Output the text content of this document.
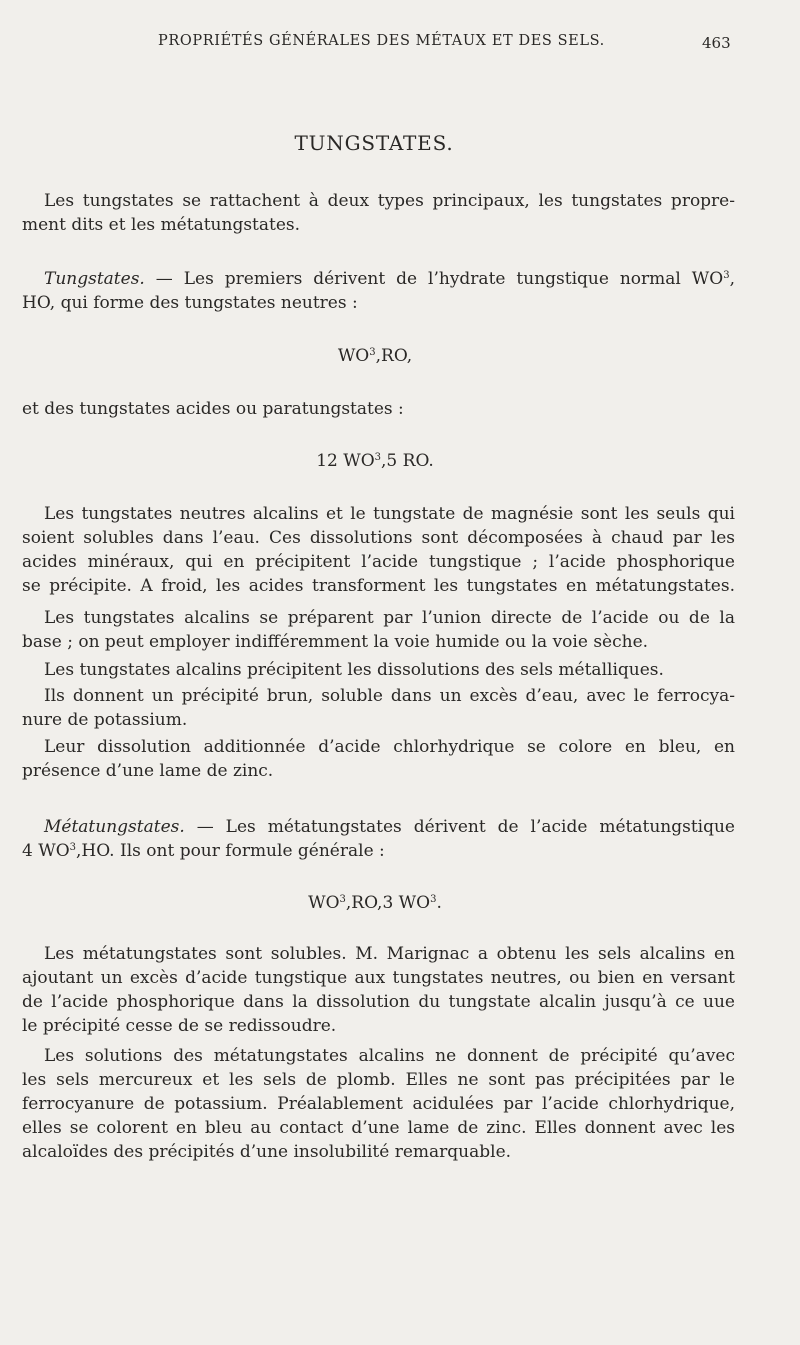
PROPRIÉTÉS GÉNÉRALES DES MÉTAUX ET DES SELS.	463
TUNGSTATES.
Les tungstates se rattachent à deux types principaux, les tungstates propre-
ment dits et les métatungstates.
Tungstates. — Les premiers dérivent de l’hydrate tungstique normal $WO^3$,
HO, qui forme des tungstates neutres :
$WO^3,RO$,
et des tungstates acides ou paratungstates :
12 $WO^3,5$ RO.
Les tungstates neutres alcalins et le tungstate de magnésie sont les seuls qui
soient solubles dans l’eau. Ces dissolutions sont décomposées à chaud par les
acides minéraux, qui en précipitent l’acide tungstique ; l’acide phosphorique
se précipite. A froid, les acides transforment les tungstates en métatungstates.
Les tungstates alcalins se préparent par l’union directe de l’acide ou de la
base ; on peut employer indifféremment la voie humide ou la voie sèche.
Les tungstates alcalins précipitent les dissolutions des sels métalliques.
Ils donnent un précipité brun, soluble dans un excès d’eau, avec le ferrocya-
nure de potassium.
Leur dissolution additionnée d’acide chlorhydrique se colore en bleu, en
présence d’une lame de zinc.
Métatungstates. — Les métatungstates dérivent de l’acide métatungstique
4 $WO^3,HO$. Ils ont pour formule générale :
$WO^3,RO,3$ $WO^3$.
Les métatungstates sont solubles. M. Marignac a obtenu les sels alcalins en
ajoutant un excès d’acide tungstique aux tungstates neutres, ou bien en versant
de l’acide phosphorique dans la dissolution du tungstate alcalin jusqu’à ce uue
le précipité cesse de se redissoudre.
Les solutions des métatungstates alcalins ne donnent de précipité qu’avec
les sels mercureux et les sels de plomb. Elles ne sont pas précipitées par le
ferrocyanure de potassium. Préalablement acidulées par l’acide chlorhydrique,
elles se colorent en bleu au contact d’une lame de zinc. Elles donnent avec les
alcaloïdes des précipités d’une insolubilité remarquable.
